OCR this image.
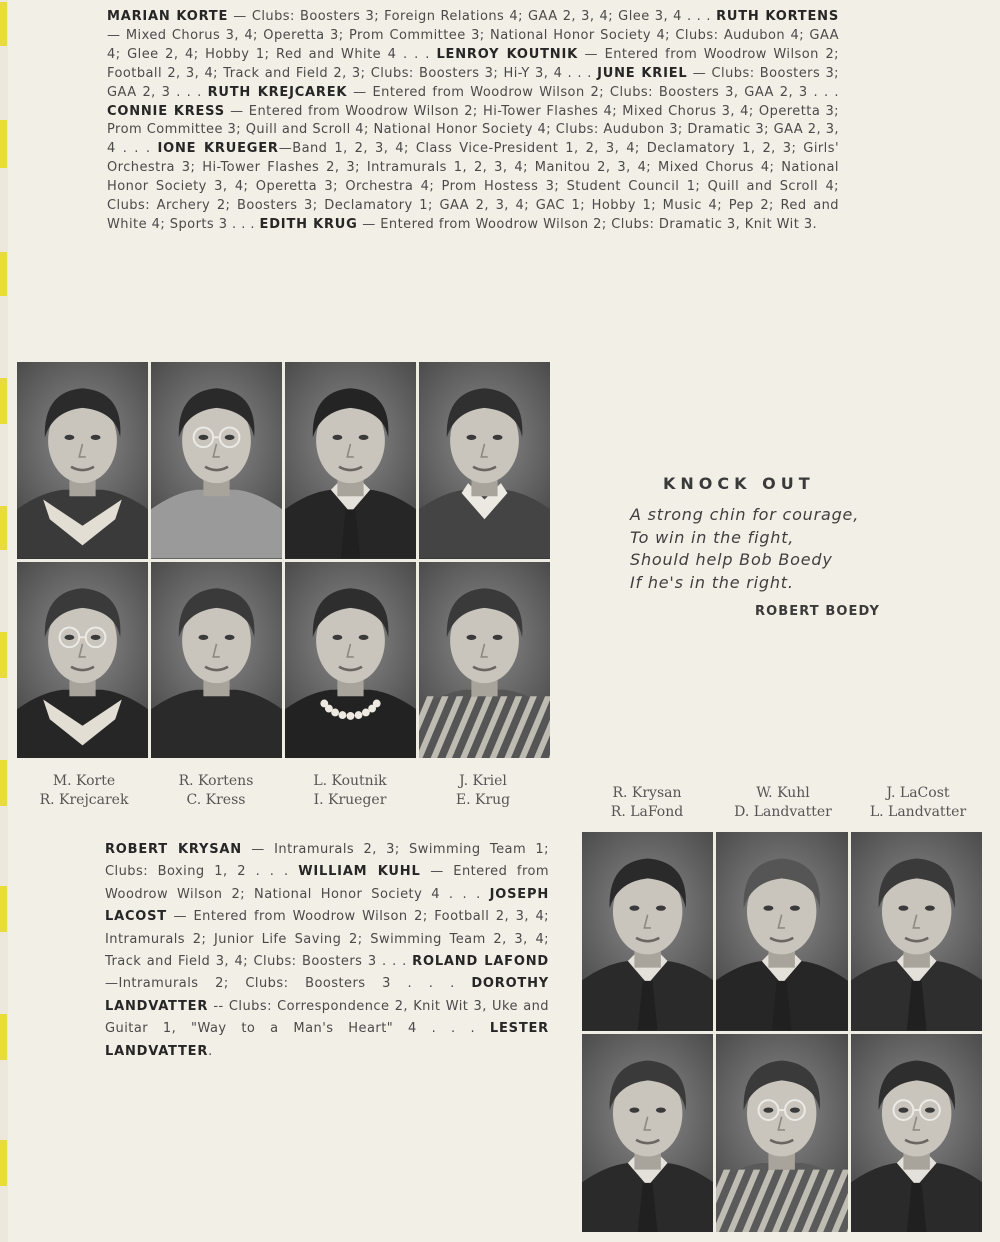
MARIAN KORTE — Clubs: Boosters 3; Foreign Relations 4; GAA 2, 3, 4; Glee 3, 4 . . . RUTH KORTENS — Mixed Chorus 3, 4; Operetta 3; Prom Committee 3; National Honor Society 4; Clubs: Audubon 4; GAA 4; Glee 2, 4; Hobby 1; Red and White 4 . . . LENROY KOUTNIK — Entered from Woodrow Wilson 2; Football 2, 3, 4; Track and Field 2, 3; Clubs: Boosters 3; Hi-Y 3, 4 . . . JUNE KRIEL — Clubs: Boosters 3; GAA 2, 3 . . . RUTH KREJCAREK — Entered from Woodrow Wilson 2; Clubs: Boosters 3, GAA 2, 3 . . . CONNIE KRESS — Entered from Woodrow Wilson 2; Hi-Tower Flashes 4; Mixed Chorus 3, 4; Operetta 3; Prom Committee 3; Quill and Scroll 4; National Honor Society 4; Clubs: Audubon 3; Dramatic 3; GAA 2, 3, 4 . . . IONE KRUEGER—Band 1, 2, 3, 4; Class Vice-President 1, 2, 3, 4; Declamatory 1, 2, 3; Girls' Orchestra 3; Hi-Tower Flashes 2, 3; Intramurals 1, 2, 3, 4; Manitou 2, 3, 4; Mixed Chorus 4; National Honor Society 3, 4; Operetta 3; Orchestra 4; Prom Hostess 3; Student Council 1; Quill and Scroll 4; Clubs: Archery 2; Boosters 3; Declamatory 1; GAA 2, 3, 4; GAC 1; Hobby 1; Music 4; Pep 2; Red and White 4; Sports 3 . . . EDITH KRUG — Entered from Woodrow Wilson 2; Clubs: Dramatic 3, Knit Wit 3.

M. Korte
R. Krejcarek
R. Kortens
C. Kress
L. Koutnik
I. Krueger
J. Kriel
E. Krug
KNOCK OUT
A strong chin for courage,
To win in the fight,
Should help Bob Boedy
If he's in the right.
ROBERT BOEDY
R. Krysan
R. LaFond
W. Kuhl
D. Landvatter
J. LaCost
L. Landvatter

ROBERT KRYSAN — Intramurals 2, 3; Swimming Team 1; Clubs: Boxing 1, 2 . . . WILLIAM KUHL — Entered from Woodrow Wilson 2; National Honor Society 4 . . . JOSEPH LACOST — Entered from Woodrow Wilson 2; Football 2, 3, 4; Intramurals 2; Junior Life Saving 2; Swimming Team 2, 3, 4; Track and Field 3, 4; Clubs: Boosters 3 . . . ROLAND LAFOND—Intramurals 2; Clubs: Boosters 3 . . . DOROTHY LANDVATTER -- Clubs: Correspondence 2, Knit Wit 3, Uke and Guitar 1, "Way to a Man's Heart" 4 . . . LESTER LANDVATTER.
